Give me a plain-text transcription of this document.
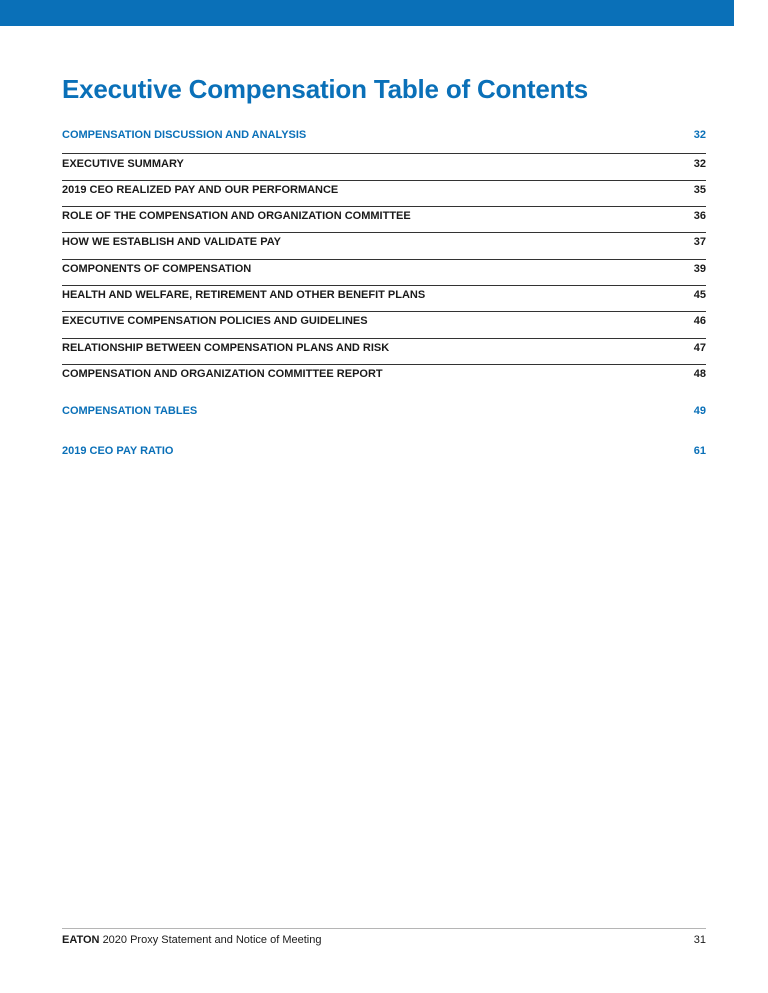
Executive Compensation Table of Contents
COMPENSATION DISCUSSION AND ANALYSIS	32
EXECUTIVE SUMMARY	32
2019 CEO REALIZED PAY AND OUR PERFORMANCE	35
ROLE OF THE COMPENSATION AND ORGANIZATION COMMITTEE	36
HOW WE ESTABLISH AND VALIDATE PAY	37
COMPONENTS OF COMPENSATION	39
HEALTH AND WELFARE, RETIREMENT AND OTHER BENEFIT PLANS	45
EXECUTIVE COMPENSATION POLICIES AND GUIDELINES	46
RELATIONSHIP BETWEEN COMPENSATION PLANS AND RISK	47
COMPENSATION AND ORGANIZATION COMMITTEE REPORT	48
COMPENSATION TABLES	49
2019 CEO PAY RATIO	61
EATON 2020 Proxy Statement and Notice of Meeting	31
